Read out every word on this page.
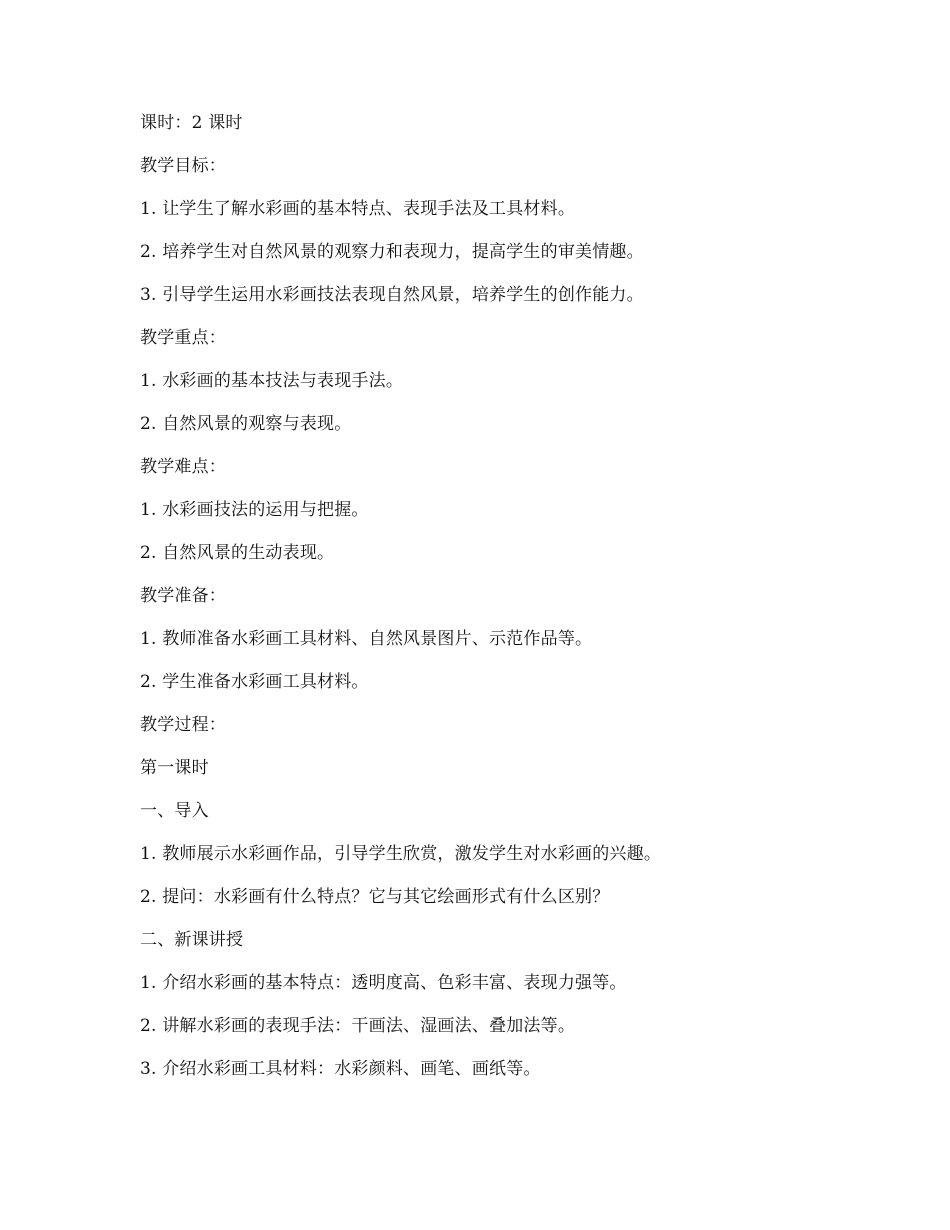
课时：2 课时
教学目标：
1. 让学生了解水彩画的基本特点、表现手法及工具材料。
2. 培养学生对自然风景的观察力和表现力，提高学生的审美情趣。
3. 引导学生运用水彩画技法表现自然风景，培养学生的创作能力。
教学重点：
1. 水彩画的基本技法与表现手法。
2. 自然风景的观察与表现。
教学难点：
1. 水彩画技法的运用与把握。
2. 自然风景的生动表现。
教学准备：
1. 教师准备水彩画工具材料、自然风景图片、示范作品等。
2. 学生准备水彩画工具材料。
教学过程：
第一课时
一、导入
1. 教师展示水彩画作品，引导学生欣赏，激发学生对水彩画的兴趣。
2. 提问：水彩画有什么特点？它与其它绘画形式有什么区别？
二、新课讲授
1. 介绍水彩画的基本特点：透明度高、色彩丰富、表现力强等。
2. 讲解水彩画的表现手法：干画法、湿画法、叠加法等。
3. 介绍水彩画工具材料：水彩颜料、画笔、画纸等。
